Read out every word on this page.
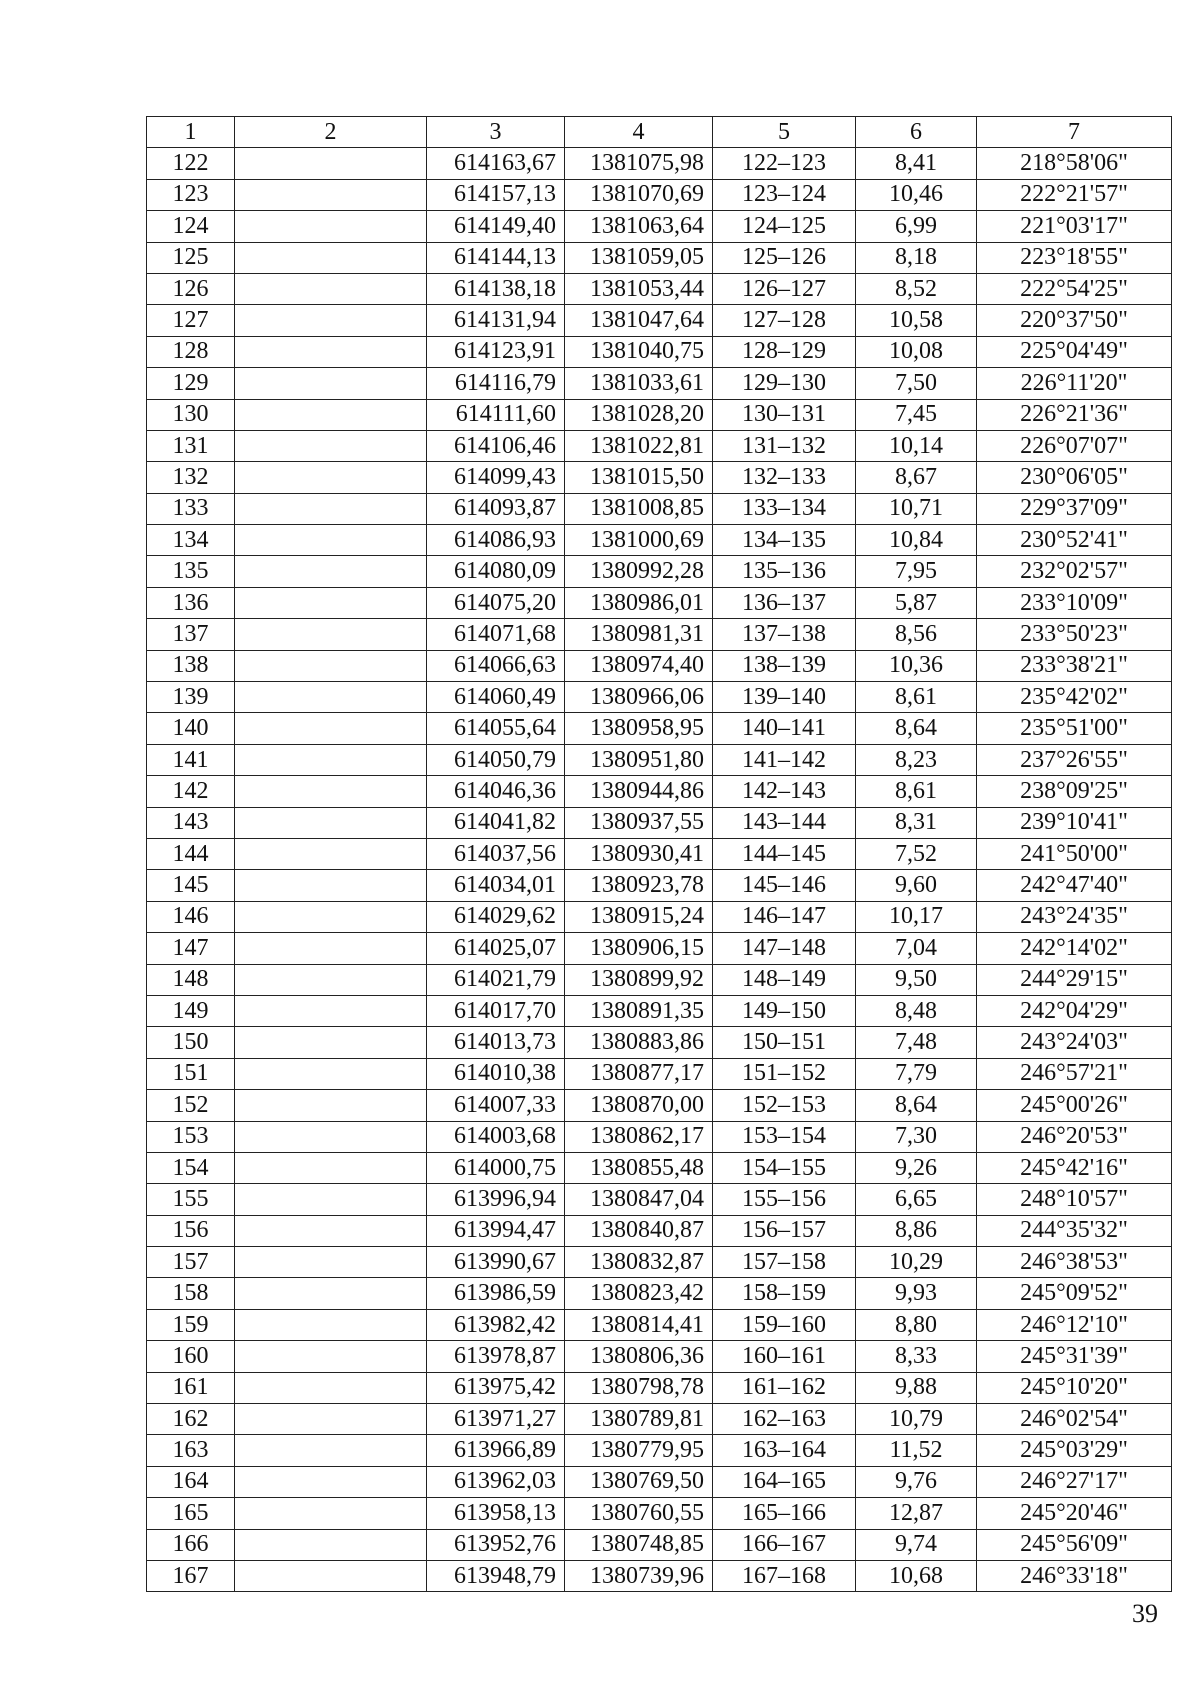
1	2	3	4	5	6	7
122		614163,67	1381075,98	122–123	8,41	218°58'06"
123		614157,13	1381070,69	123–124	10,46	222°21'57"
124		614149,40	1381063,64	124–125	6,99	221°03'17"
125		614144,13	1381059,05	125–126	8,18	223°18'55"
126		614138,18	1381053,44	126–127	8,52	222°54'25"
127		614131,94	1381047,64	127–128	10,58	220°37'50"
128		614123,91	1381040,75	128–129	10,08	225°04'49"
129		614116,79	1381033,61	129–130	7,50	226°11'20"
130		614111,60	1381028,20	130–131	7,45	226°21'36"
131		614106,46	1381022,81	131–132	10,14	226°07'07"
132		614099,43	1381015,50	132–133	8,67	230°06'05"
133		614093,87	1381008,85	133–134	10,71	229°37'09"
134		614086,93	1381000,69	134–135	10,84	230°52'41"
135		614080,09	1380992,28	135–136	7,95	232°02'57"
136		614075,20	1380986,01	136–137	5,87	233°10'09"
137		614071,68	1380981,31	137–138	8,56	233°50'23"
138		614066,63	1380974,40	138–139	10,36	233°38'21"
139		614060,49	1380966,06	139–140	8,61	235°42'02"
140		614055,64	1380958,95	140–141	8,64	235°51'00"
141		614050,79	1380951,80	141–142	8,23	237°26'55"
142		614046,36	1380944,86	142–143	8,61	238°09'25"
143		614041,82	1380937,55	143–144	8,31	239°10'41"
144		614037,56	1380930,41	144–145	7,52	241°50'00"
145		614034,01	1380923,78	145–146	9,60	242°47'40"
146		614029,62	1380915,24	146–147	10,17	243°24'35"
147		614025,07	1380906,15	147–148	7,04	242°14'02"
148		614021,79	1380899,92	148–149	9,50	244°29'15"
149		614017,70	1380891,35	149–150	8,48	242°04'29"
150		614013,73	1380883,86	150–151	7,48	243°24'03"
151		614010,38	1380877,17	151–152	7,79	246°57'21"
152		614007,33	1380870,00	152–153	8,64	245°00'26"
153		614003,68	1380862,17	153–154	7,30	246°20'53"
154		614000,75	1380855,48	154–155	9,26	245°42'16"
155		613996,94	1380847,04	155–156	6,65	248°10'57"
156		613994,47	1380840,87	156–157	8,86	244°35'32"
157		613990,67	1380832,87	157–158	10,29	246°38'53"
158		613986,59	1380823,42	158–159	9,93	245°09'52"
159		613982,42	1380814,41	159–160	8,80	246°12'10"
160		613978,87	1380806,36	160–161	8,33	245°31'39"
161		613975,42	1380798,78	161–162	9,88	245°10'20"
162		613971,27	1380789,81	162–163	10,79	246°02'54"
163		613966,89	1380779,95	163–164	11,52	245°03'29"
164		613962,03	1380769,50	164–165	9,76	246°27'17"
165		613958,13	1380760,55	165–166	12,87	245°20'46"
166		613952,76	1380748,85	166–167	9,74	245°56'09"
167		613948,79	1380739,96	167–168	10,68	246°33'18"
39
